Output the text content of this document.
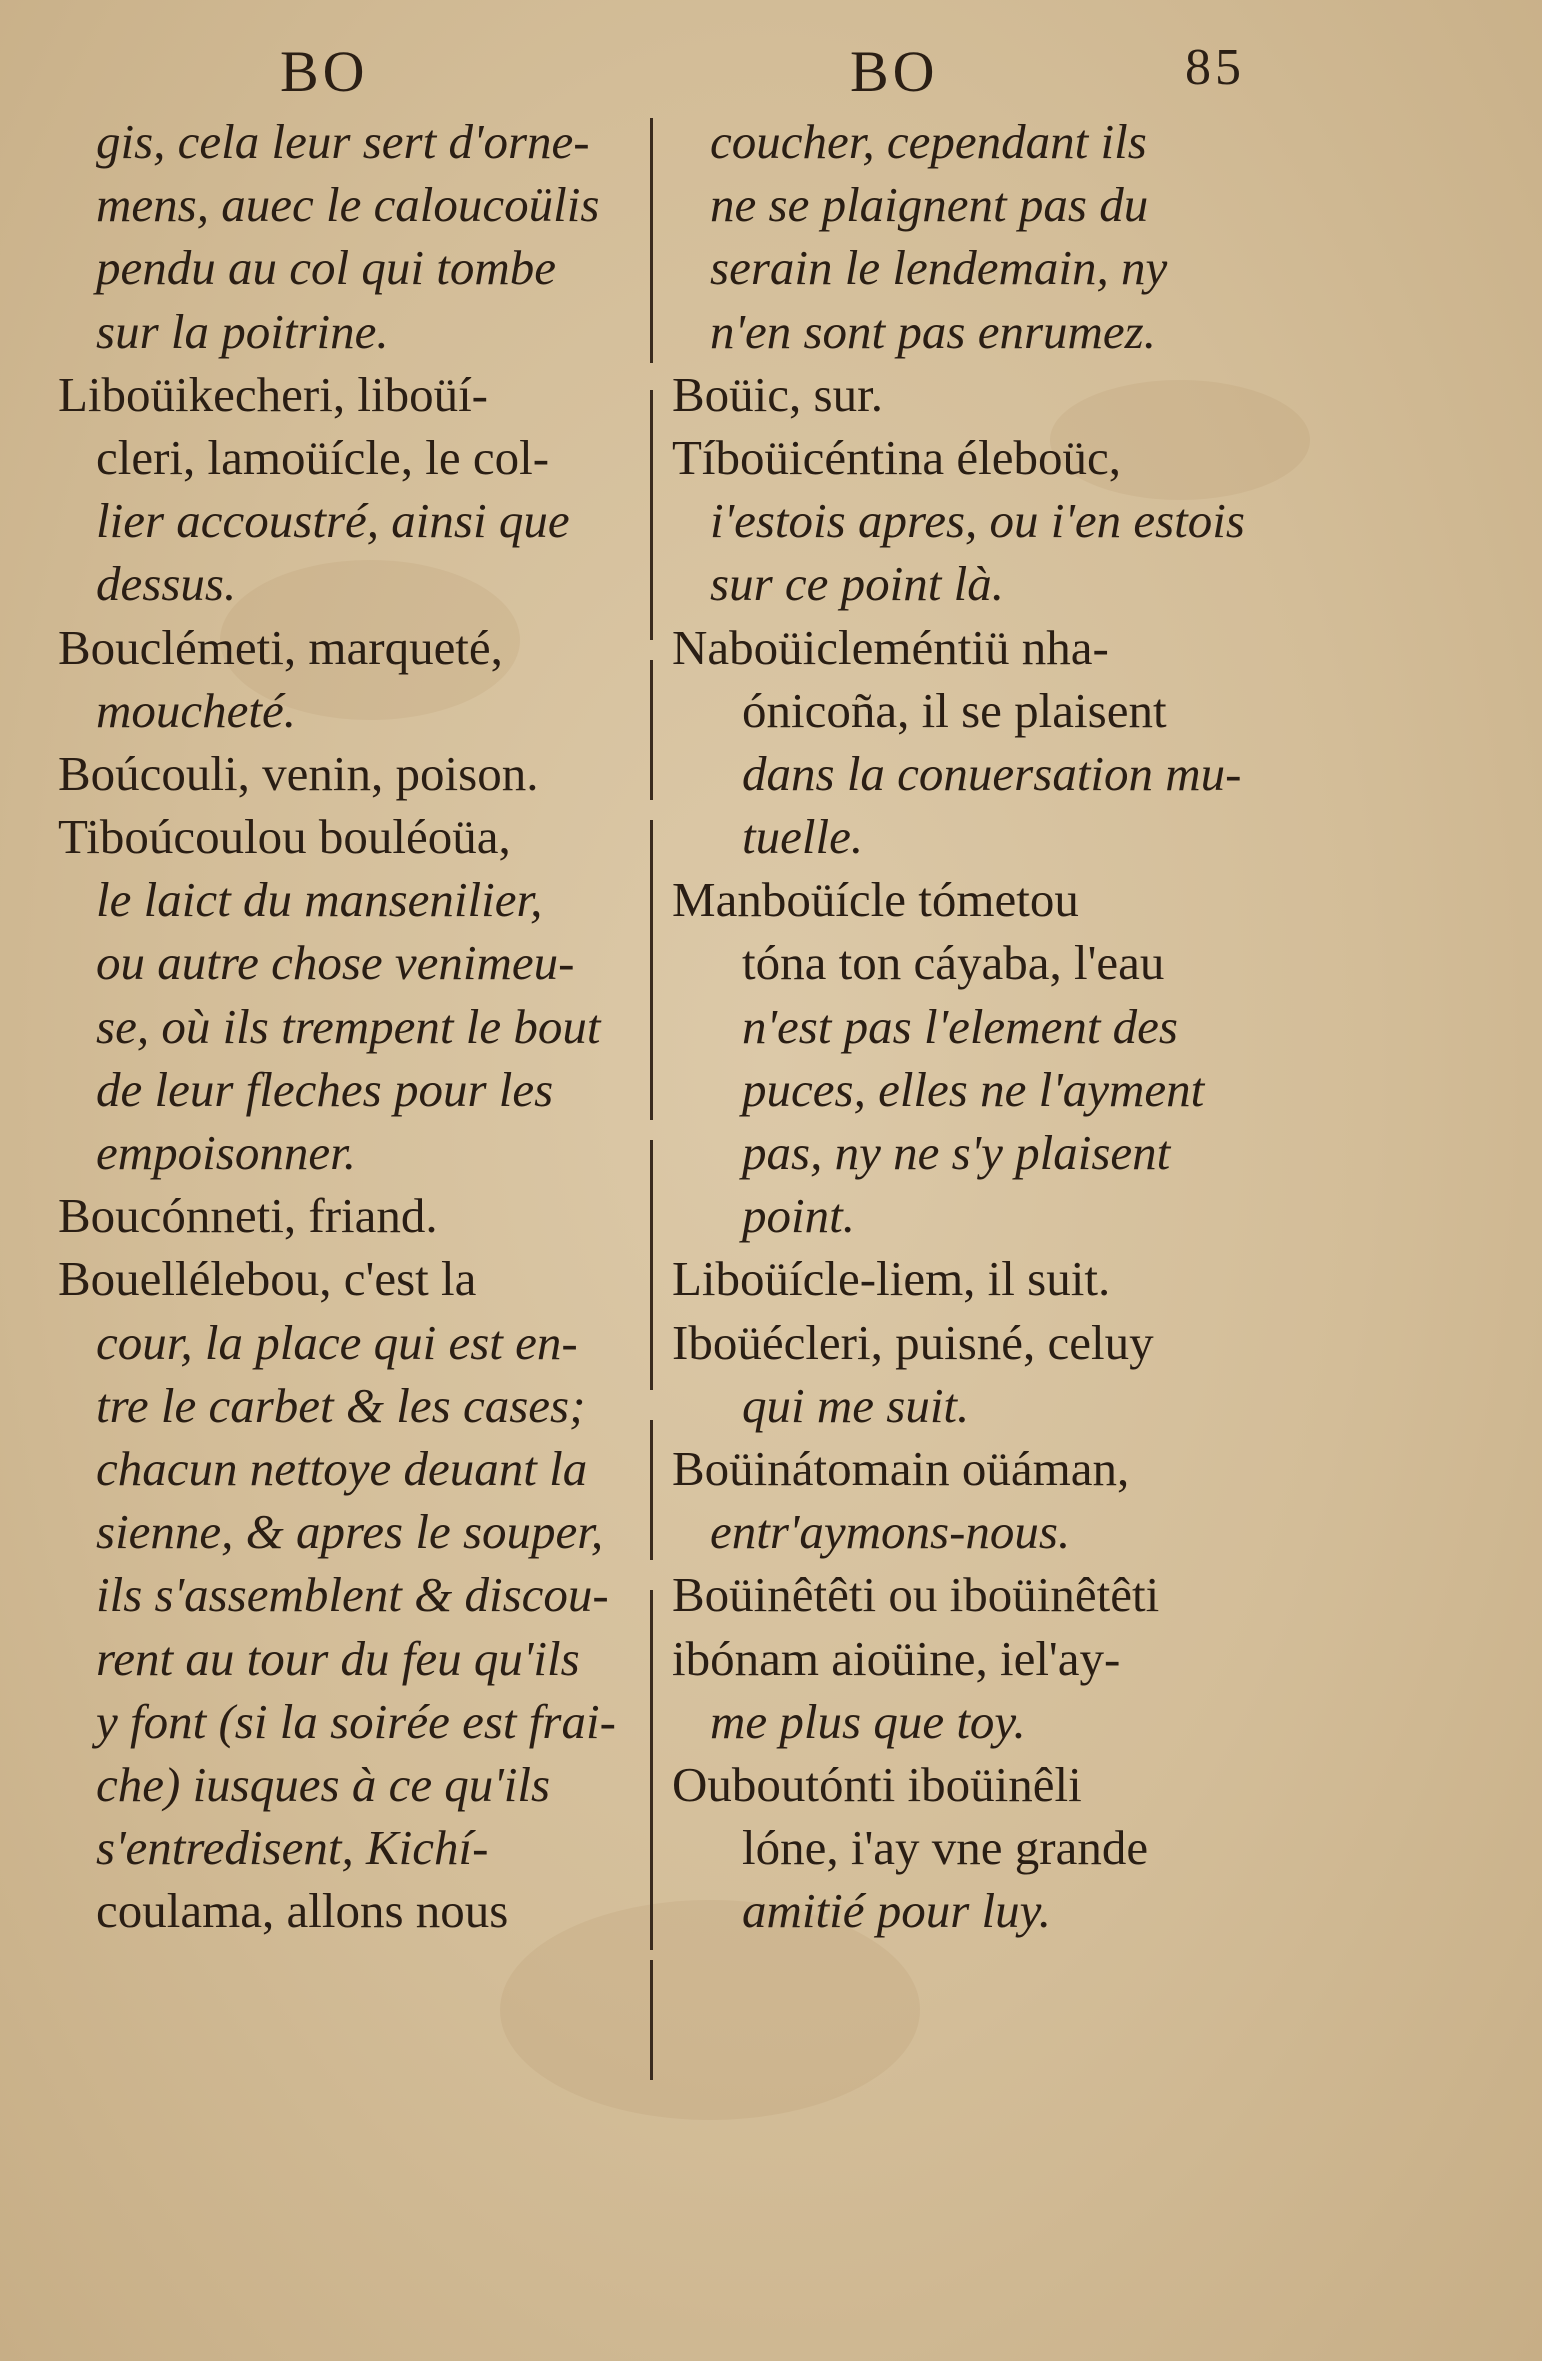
BO	BO	85
gis, cela leur sert d'orne-
mens, auec le caloucoülis
pendu au col qui tombe
sur la poitrine.
Liboüikecheri, liboüí-
cleri, lamoüícle, le col-
lier accoustré, ainsi que
dessus.
Bouclémeti, marqueté,
moucheté.
Boúcouli, venin, poison.
Tiboúcoulou bouléoüa,
le laict du mansenilier,
ou autre chose venimeu-
se, où ils trempent le bout
de leur fleches pour les
empoisonner.
Boucónneti, friand.
Bouellélebou, c'est la
cour, la place qui est en-
tre le carbet & les cases;
chacun nettoye deuant la
sienne, & apres le souper,
ils s'assemblent & discou-
rent au tour du feu qu'ils
y font (si la soirée est frai-
che) iusques à ce qu'ils
s'entredisent, Kichí-
coulama, allons nous
coucher, cependant ils
ne se plaignent pas du
serain le lendemain, ny
n'en sont pas enrumez.
Boüic, sur.
Tíboüicéntina éleboüc,
i'estois apres, ou i'en estois
sur ce point là.
Naboüicleméntiü nha-
ónicoña, il se plaisent
dans la conuersation mu-
tuelle.
Manboüícle tómetou
tóna ton cáyaba, l'eau
n'est pas l'element des
puces, elles ne l'ayment
pas, ny ne s'y plaisent
point.
Liboüícle-liem, il suit.
Iboüécleri, puisné, celuy
qui me suit.
Boüinátomain oüáman,
entr'aymons-nous.
Boüinêtêti ou iboüinêtêti
ibónam aioüine, iel'ay-
me plus que toy.
Ouboutónti iboüinêli
lóne, i'ay vne grande
amitié pour luy.
